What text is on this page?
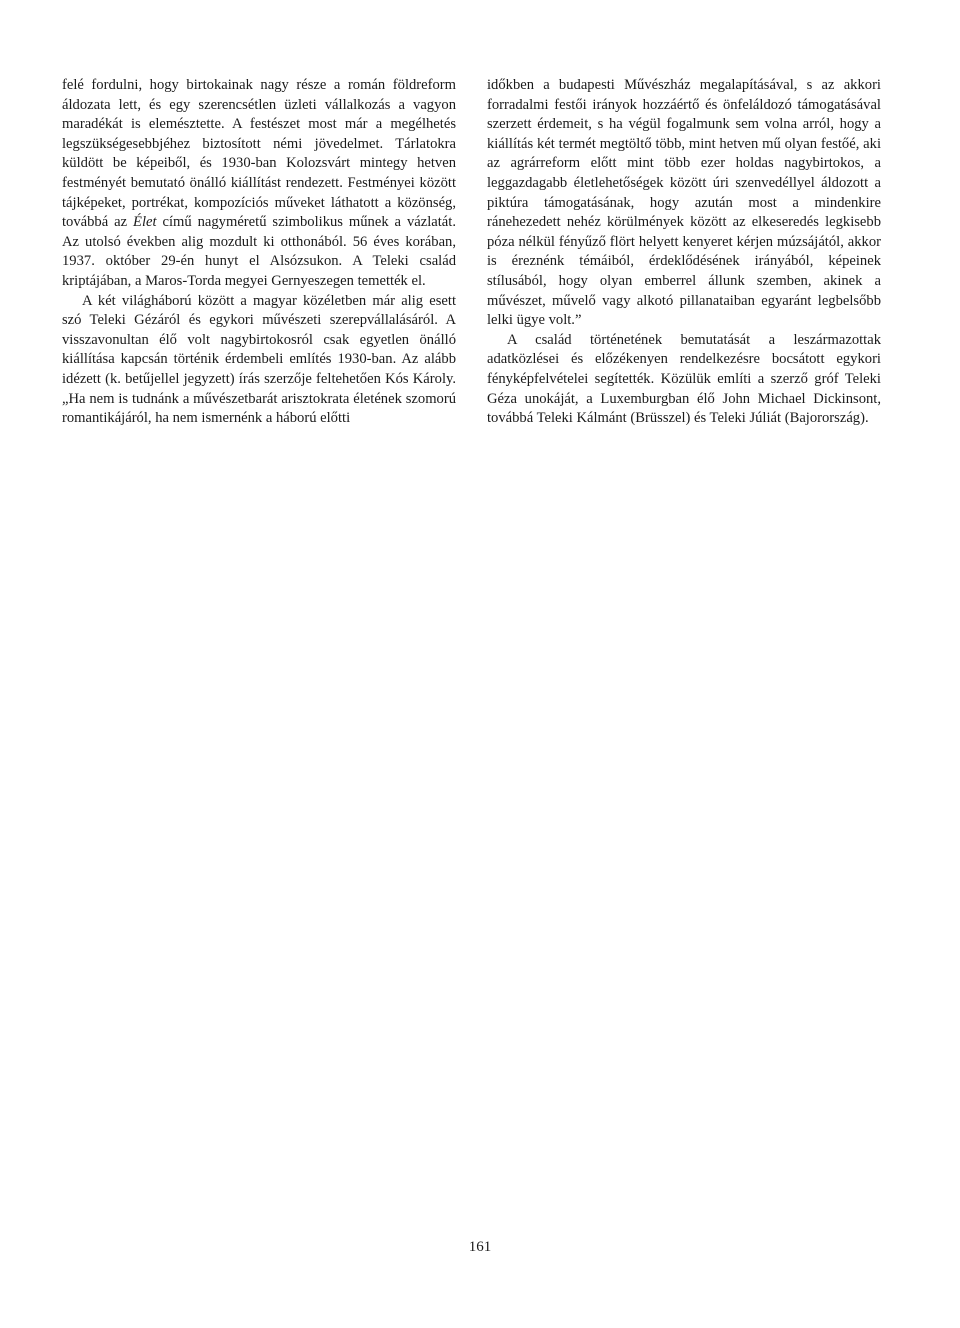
felé fordulni, hogy birtokainak nagy része a román földreform áldozata lett, és egy szerencsétlen üzleti vállalkozás a vagyon maradékát is elemésztette. A festészet most már a megélhetés legszükségesebbjéhez biztosított némi jövedelmet. Tárlatokra küldött be képeiből, és 1930-ban Kolozsvárt mintegy hetven festményét bemutató önálló kiállítást rendezett. Festményei között tájképeket, portrékat, kompozíciós műveket láthatott a közönség, továbbá az Élet című nagyméretű szimbolikus műnek a vázlatát. Az utolsó években alig mozdult ki otthonából. 56 éves korában, 1937. október 29-én hunyt el Alsózsukon. A Teleki család kriptájában, a Maros-Torda megyei Gernyeszegen temették el.

A két világháború között a magyar közéletben már alig esett szó Teleki Gézáról és egykori művészeti szerepvállalásáról. A visszavonultan élő volt nagybirtokosról csak egyetlen önálló kiállítása kapcsán történik érdembeli említés 1930-ban. Az alább idézett (k. betűjellel jegyzett) írás szerzője feltehetően Kós Károly. „Ha nem is tudnánk a művészetbarát arisztokrata életének szomorú romantikájáról, ha nem ismernénk a háború előtti

időkben a budapesti Művészház megalapításával, s az akkori forradalmi festői irányok hozzáértő és önfeláldozó támogatásával szerzett érdemeit, s ha végül fogalmunk sem volna arról, hogy a kiállítás két termét megtöltő több, mint hetven mű olyan festőé, aki az agrárreform előtt mint több ezer holdas nagybirtokos, a leggazdagabb életlehetőségek között úri szenvedéllyel áldozott a piktúra támogatásának, hogy azután most a mindenkire ránehezedett nehéz körülmények között az elkeseredés legkisebb póza nélkül fényűző flört helyett kenyeret kérjen múzsájától, akkor is éreznénk témáiból, érdeklődésének irányából, képeinek stílusából, hogy olyan emberrel állunk szemben, akinek a művészet, művelő vagy alkotó pillanataiban egyaránt legbelsőbb lelki ügye volt.”

A család történetének bemutatását a leszármazottak adatközlései és előzékenyen rendelkezésre bocsátott egykori fényképfelvételei segítették. Közülük említi a szerző gróf Teleki Géza unokáját, a Luxemburgban élő John Michael Dickinsont, továbbá Teleki Kálmánt (Brüsszel) és Teleki Júliát (Bajorország).

161
